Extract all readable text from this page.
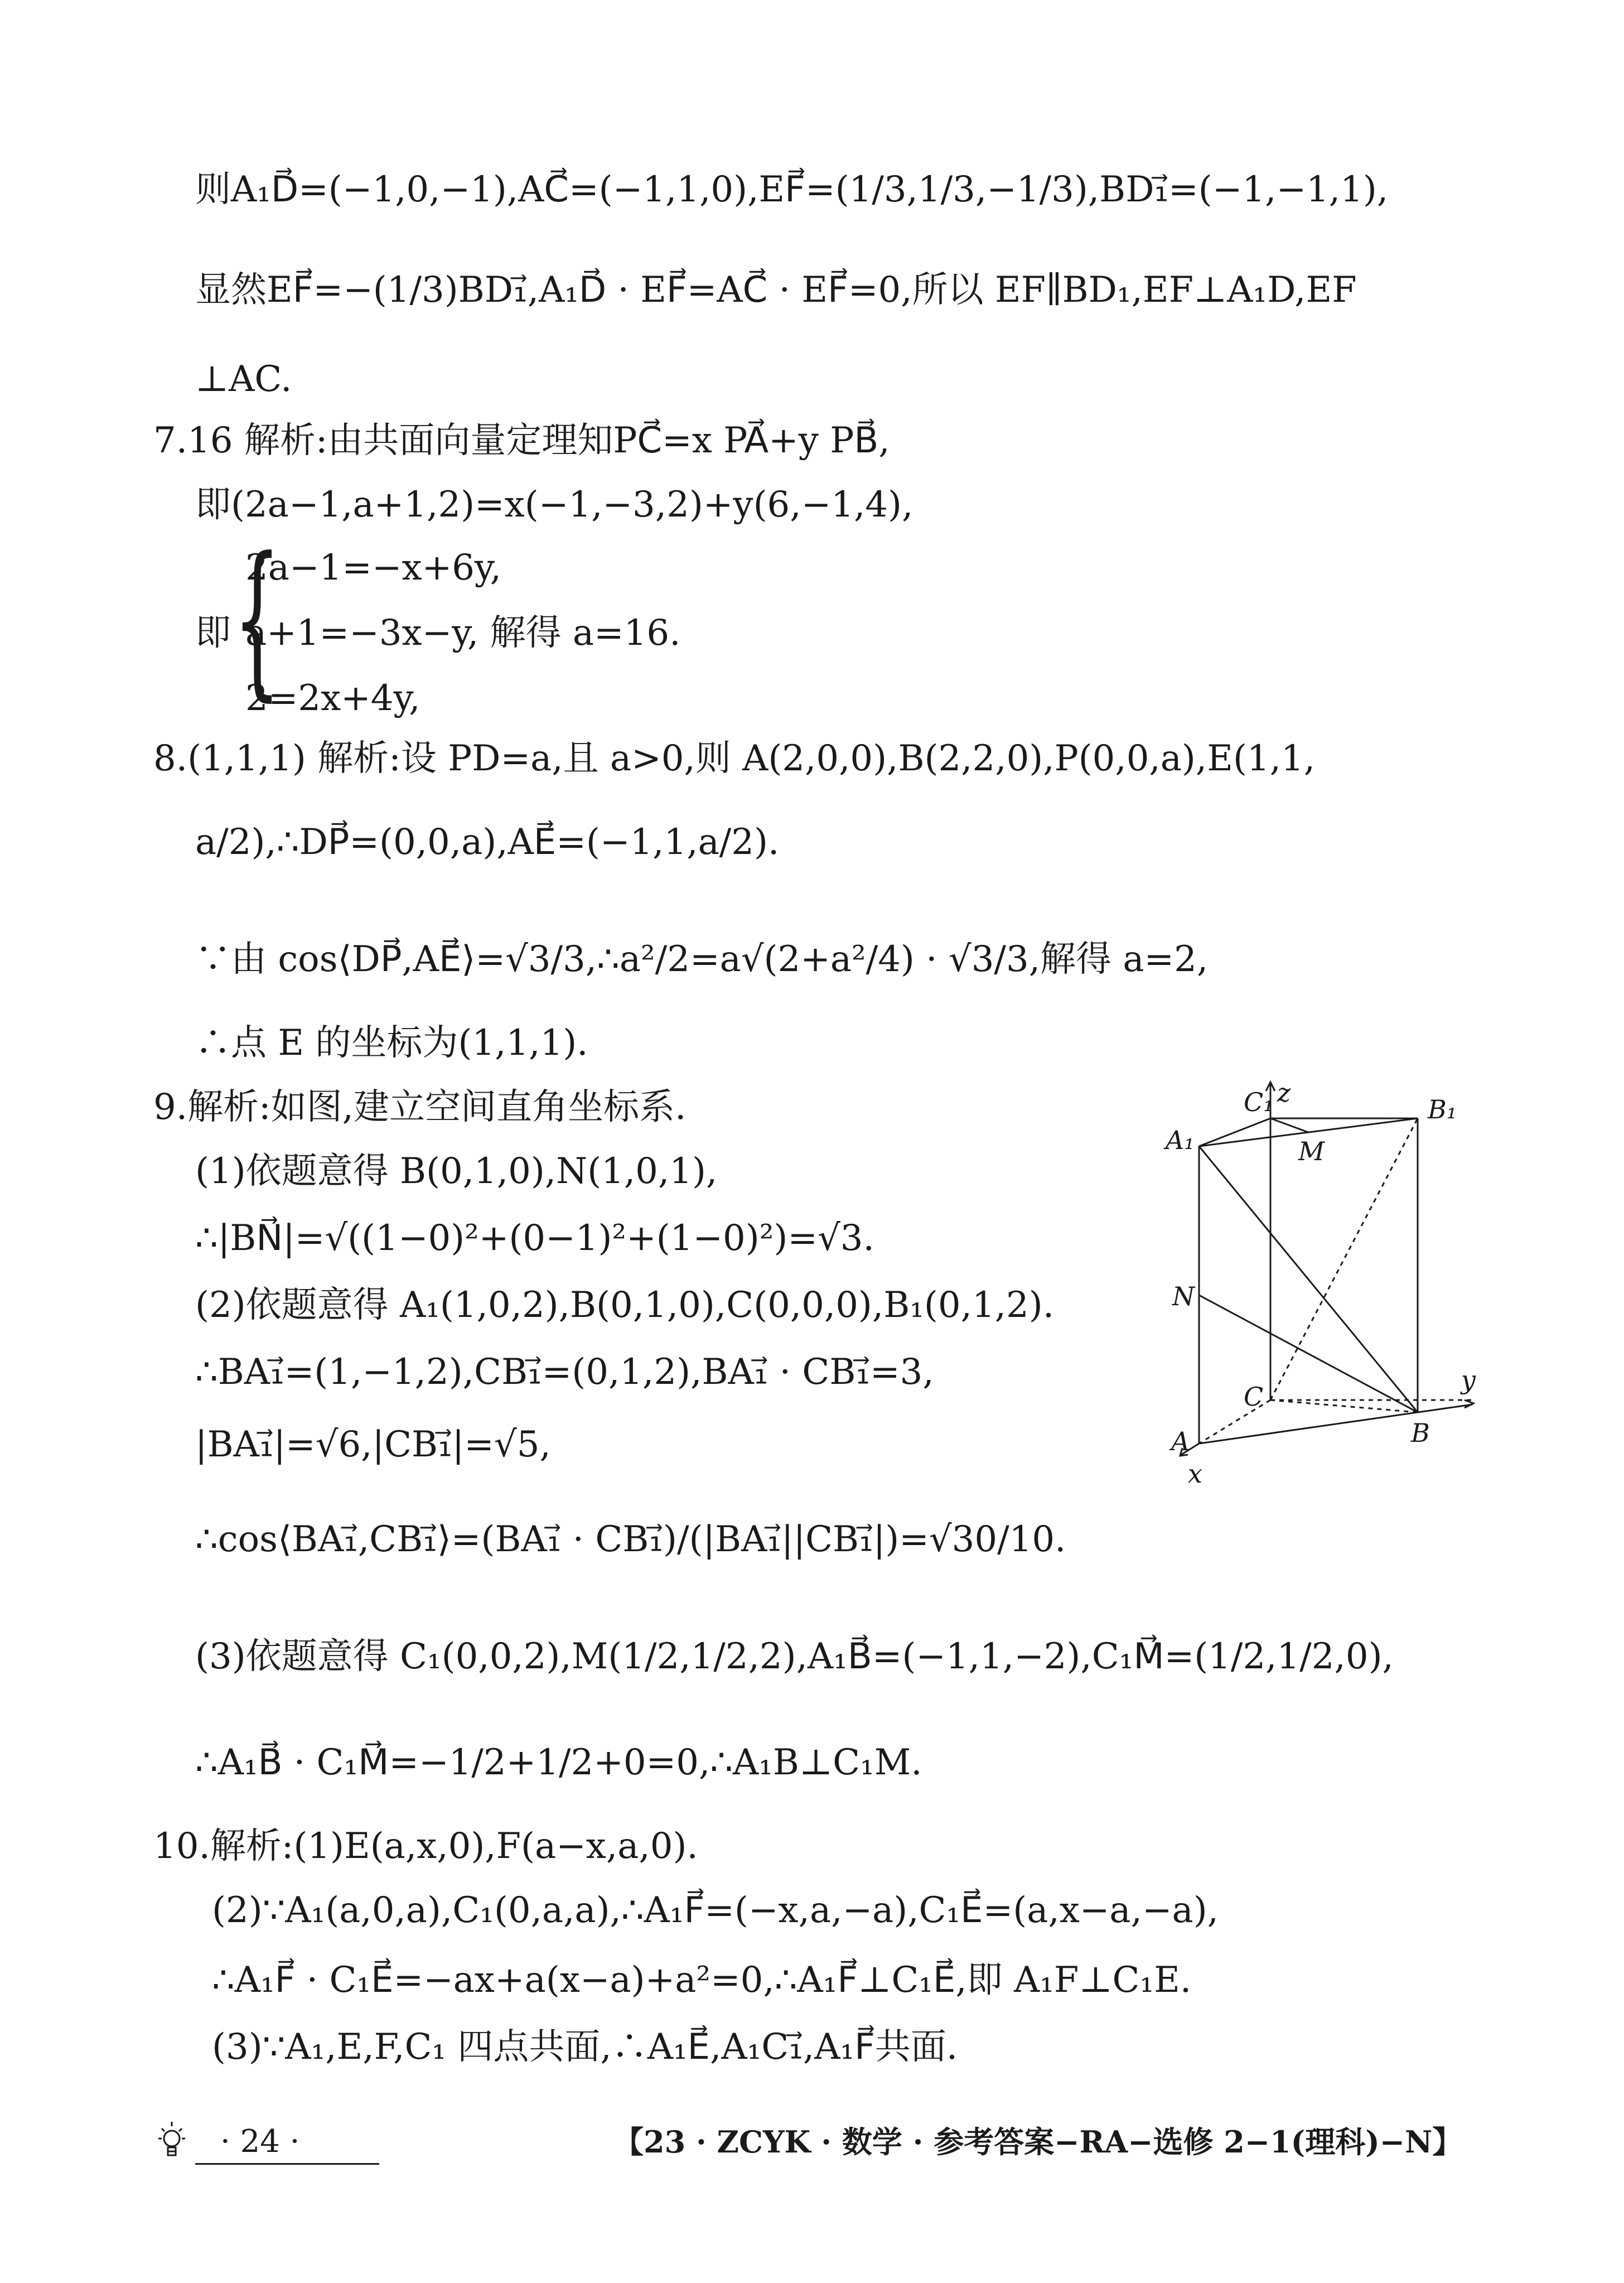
则A₁D⃗=(−1,0,−1),AC⃗=(−1,1,0),EF⃗=(1/3,1/3,−1/3),BD₁⃗=(−1,−1,1),
显然EF⃗=−(1/3)BD₁⃗,A₁D⃗ · EF⃗=AC⃗ · EF⃗=0,所以 EF∥BD₁,EF⊥A₁D,EF
⊥AC.
7.16 解析:由共面向量定理知PC⃗=x PA⃗+y PB⃗,
即(2a−1,a+1,2)=x(−1,−3,2)+y(6,−1,4),
{
2a−1=−x+6y,
即 a+1=−3x−y, 解得 a=16.
2=2x+4y,
8.(1,1,1) 解析:设 PD=a,且 a>0,则 A(2,0,0),B(2,2,0),P(0,0,a),E(1,1,
a/2),∴DP⃗=(0,0,a),AE⃗=(−1,1,a/2).
∵由 cos⟨DP⃗,AE⃗⟩=√3/3,∴a²/2=a√(2+a²/4) · √3/3,解得 a=2,
∴点 E 的坐标为(1,1,1).
9.解析:如图,建立空间直角坐标系.
(1)依题意得 B(0,1,0),N(1,0,1),
∴|BN⃗|=√((1−0)²+(0−1)²+(1−0)²)=√3.
(2)依题意得 A₁(1,0,2),B(0,1,0),C(0,0,0),B₁(0,1,2).
∴BA₁⃗=(1,−1,2),CB₁⃗=(0,1,2),BA₁⃗ · CB₁⃗=3,
|BA₁⃗|=√6,|CB₁⃗|=√5,
∴cos⟨BA₁⃗,CB₁⃗⟩=(BA₁⃗ · CB₁⃗)/(|BA₁⃗||CB₁⃗|)=√30/10.
(3)依题意得 C₁(0,0,2),M(1/2,1/2,2),A₁B⃗=(−1,1,−2),C₁M⃗=(1/2,1/2,0),
∴A₁B⃗ · C₁M⃗=−1/2+1/2+0=0,∴A₁B⊥C₁M.
10.解析:(1)E(a,x,0),F(a−x,a,0).
(2)∵A₁(a,0,a),C₁(0,a,a),∴A₁F⃗=(−x,a,−a),C₁E⃗=(a,x−a,−a),
∴A₁F⃗ · C₁E⃗=−ax+a(x−a)+a²=0,∴A₁F⃗⊥C₁E⃗,即 A₁F⊥C₁E.
(3)∵A₁,E,F,C₁ 四点共面,∴A₁E⃗,A₁C₁⃗,A₁F⃗共面.
C₁ z
B₁
A₁	M
N
C
y
A	B
x
· 24 ·	【23 · ZCYK · 数学 · 参考答案−RA−选修 2−1(理科)−N】
